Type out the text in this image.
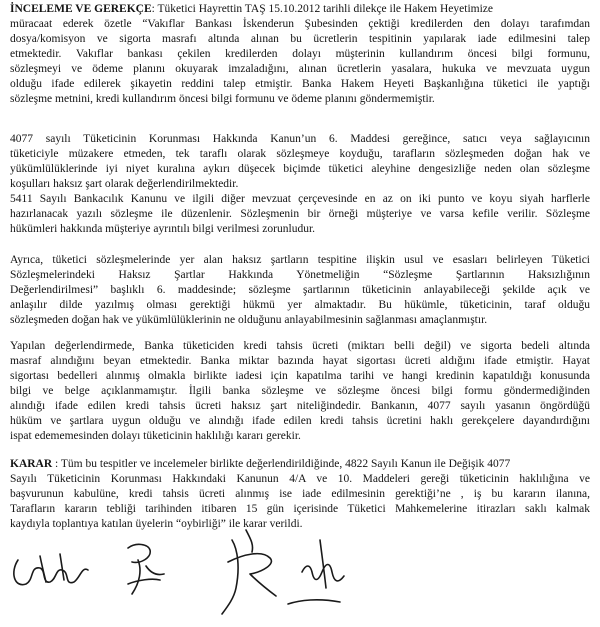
İNCELEME VE GEREKÇE: Tüketici Hayrettin TAŞ 15.10.2012 tarihli dilekçe ile Hakem Heyetimize
müracaat ederek özetle “Vakıflar Bankası İskenderun Şubesinden çektiği kredilerden den dolayı tarafımdan
dosya/komisyon ve sigorta masrafı altında alınan bu ücretlerin tespitinin yapılarak iade edilmesini talep
etmektedir. Vakıflar bankası çekilen kredilerden dolayı müşterinin kullandırım öncesi bilgi formunu,
sözleşmeyi ve ödeme planını okuyarak imzaladığını, alınan ücretlerin yasalara, hukuka ve mevzuata uygun
olduğu ifade edilerek şikayetin reddini talep etmiştir. Banka Hakem Heyeti Başkanlığına tüketici ile yaptığı
sözleşme metnini, kredi kullandırım öncesi bilgi formunu ve ödeme planını göndermemiştir.
4077 sayılı Tüketicinin Korunması Hakkında Kanun’un 6. Maddesi gereğince, satıcı veya sağlayıcının
tüketiciyle müzakere etmeden, tek taraflı olarak sözleşmeye koyduğu, tarafların sözleşmeden doğan hak ve
yükümlülüklerinde iyi niyet kuralına aykırı düşecek biçimde tüketici aleyhine dengesizliğe neden olan sözleşme
koşulları haksız şart olarak değerlendirilmektedir.
5411 Sayılı Bankacılık Kanunu ve ilgili diğer mevzuat çerçevesinde en az on iki punto ve koyu siyah harflerle
hazırlanacak yazılı sözleşme ile düzenlenir. Sözleşmenin bir örneği müşteriye ve varsa kefile verilir. Sözleşme
hükümleri hakkında müşteriye ayrıntılı bilgi verilmesi zorunludur.
Ayrıca, tüketici sözleşmelerinde yer alan haksız şartların tespitine ilişkin usul ve esasları belirleyen Tüketici
Sözleşmelerindeki Haksız Şartlar Hakkında Yönetmeliğin “Sözleşme Şartlarının Haksızlığının
Değerlendirilmesi” başlıklı 6. maddesinde; sözleşme şartlarının tüketicinin anlayabileceği şekilde açık ve
anlaşılır dilde yazılmış olması gerektiği hükmü yer almaktadır. Bu hükümle, tüketicinin, taraf olduğu
sözleşmeden doğan hak ve yükümlülüklerinin ne olduğunu anlayabilmesinin sağlanması amaçlanmıştır.
Yapılan değerlendirmede, Banka tüketiciden kredi tahsis ücreti (miktarı belli değil) ve sigorta bedeli altında
masraf alındığını beyan etmektedir. Banka miktar bazında hayat sigortası ücreti aldığını ifade etmiştir. Hayat
sigortası bedelleri alınmış olmakla birlikte iadesi için kapatılma tarihi ve hangi kredinin kapatıldığı konusunda
bilgi ve belge açıklanmamıştır. İlgili banka sözleşme ve sözleşme öncesi bilgi formu göndermediğinden
alındığı ifade edilen kredi tahsis ücreti haksız şart niteliğindedir. Bankanın, 4077 sayılı yasanın öngördüğü
hüküm ve şartlara uygun olduğu ve alındığı ifade edilen kredi tahsis ücretini haklı gerekçelere dayandırdığını
ispat edememesinden dolayı tüketicinin haklılığı kararı gerekir.
KARAR : Tüm bu tespitler ve incelemeler birlikte değerlendirildiğinde, 4822 Sayılı Kanun ile Değişik 4077
Sayılı Tüketicinin Korunması Hakkındaki Kanunun 4/A ve 10. Maddeleri gereği tüketicinin haklılığına ve
başvurunun kabulüne, kredi tahsis ücreti alınmış ise iade edilmesinin gerektiği’ne , iş bu kararın ilanına,
Tarafların kararın tebliği tarihinden itibaren 15 gün içerisinde Tüketici Mahkemelerine itirazları saklı kalmak
kaydıyla toplantıya katılan üyelerin “oybirliği” ile karar verildi.
